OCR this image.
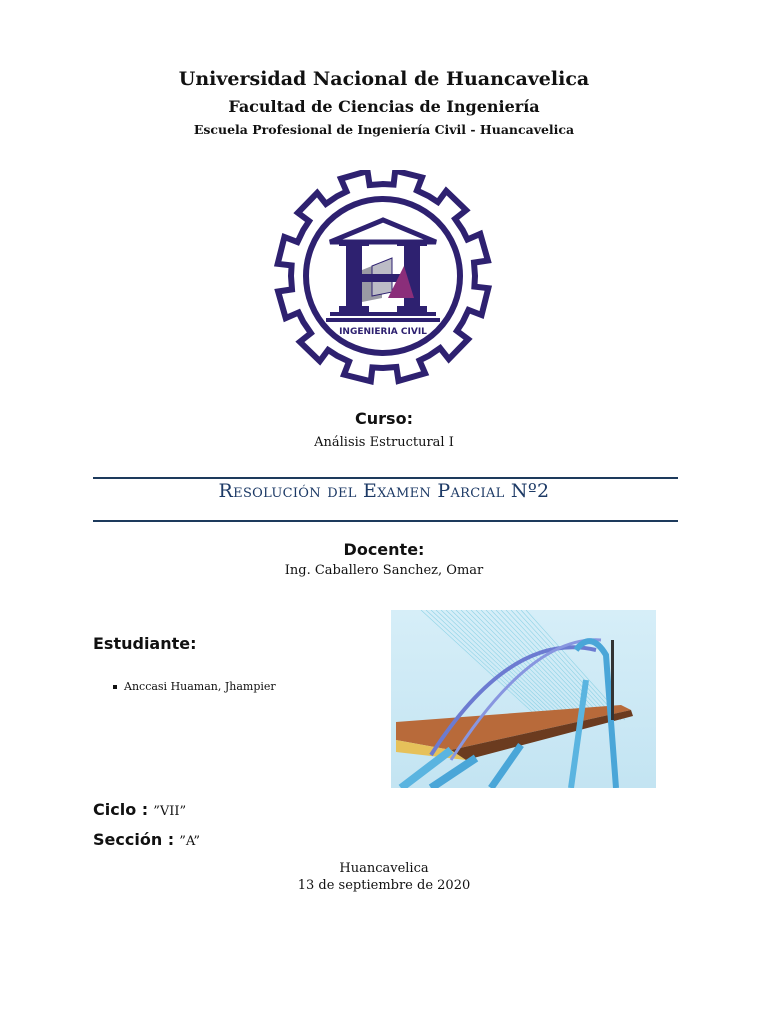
Universidad Nacional de Huancavelica
Facultad de Ciencias de Ingeniería
Escuela Profesional de Ingeniería Civil - Huancavelica
INGENIERIA CIVIL
Curso:
Análisis Estructural I
Resolución del Examen Parcial Nº2
Docente:
Ing. Caballero Sanchez, Omar
Estudiante:
Anccasi Huaman, Jhampier
Ciclo : ”VII”
Sección : ”A”
Huancavelica
13 de septiembre de 2020
